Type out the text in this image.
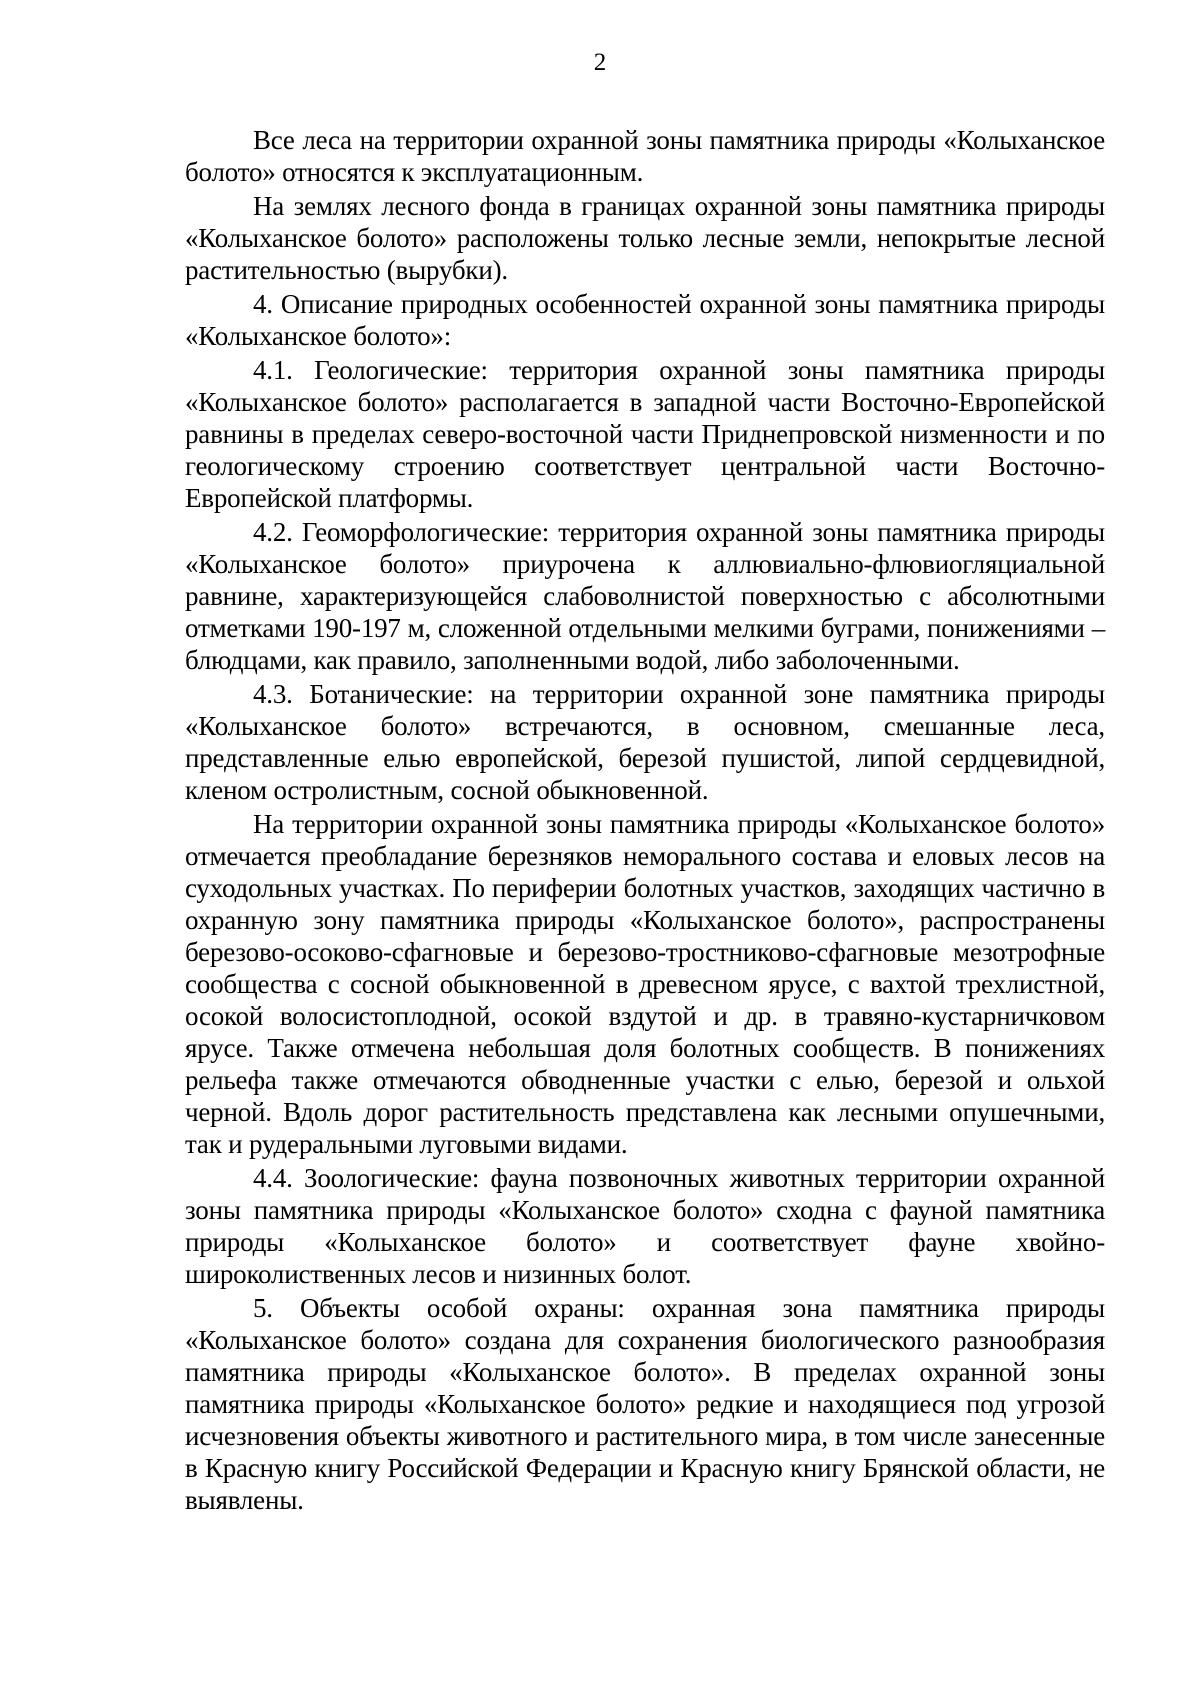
2

Все леса на территории охранной зоны памятника природы «Колыханское болото» относятся к эксплуатационным.

На землях лесного фонда в границах охранной зоны памятника природы «Колыханское болото» расположены только лесные земли, непокрытые лесной растительностью (вырубки).

4. Описание природных особенностей охранной зоны памятника природы «Колыханское болото»:

4.1. Геологические: территория охранной зоны памятника природы «Колыханское болото» располагается в западной части Восточно-Европейской равнины в пределах северо-восточной части Приднепровской низменности и по геологическому строению соответствует центральной части Восточно-Европейской платформы.

4.2. Геоморфологические: территория охранной зоны памятника природы «Колыханское болото» приурочена к аллювиально-флювиогляциальной равнине, характеризующейся слабоволнистой поверхностью с абсолютными отметками 190-197 м, сложенной отдельными мелкими буграми, понижениями – блюдцами, как правило, заполненными водой, либо заболоченными.

4.3. Ботанические: на территории охранной зоне памятника природы «Колыханское болото» встречаются, в основном, смешанные леса, представленные елью европейской, березой пушистой, липой сердцевидной, кленом остролистным, сосной обыкновенной.

На территории охранной зоны памятника природы «Колыханское болото» отмечается преобладание березняков неморального состава и еловых лесов на суходольных участках. По периферии болотных участков, заходящих частично в охранную зону памятника природы «Колыханское болото», распространены березово-осоково-сфагновые и березово-тростниково-сфагновые мезотрофные сообщества с сосной обыкновенной в древесном ярусе, с вахтой трехлистной, осокой волосистоплодной, осокой вздутой и др. в травяно-кустарничковом ярусе. Также отмечена небольшая доля болотных сообществ. В понижениях рельефа также отмечаются обводненные участки с елью, березой и ольхой черной. Вдоль дорог растительность представлена как лесными опушечными, так и рудеральными луговыми видами.

4.4. Зоологические: фауна позвоночных животных территории охранной зоны памятника природы «Колыханское болото» сходна с фауной памятника природы «Колыханское болото» и соответствует фауне хвойно-широколиственных лесов и низинных болот.

5. Объекты особой охраны: охранная зона памятника природы «Колыханское болото» создана для сохранения биологического разнообразия памятника природы «Колыханское болото». В пределах охранной зоны памятника природы «Колыханское болото» редкие и находящиеся под угрозой исчезновения объекты животного и растительного мира, в том числе занесенные в Красную книгу Российской Федерации и Красную книгу Брянской области, не выявлены.
